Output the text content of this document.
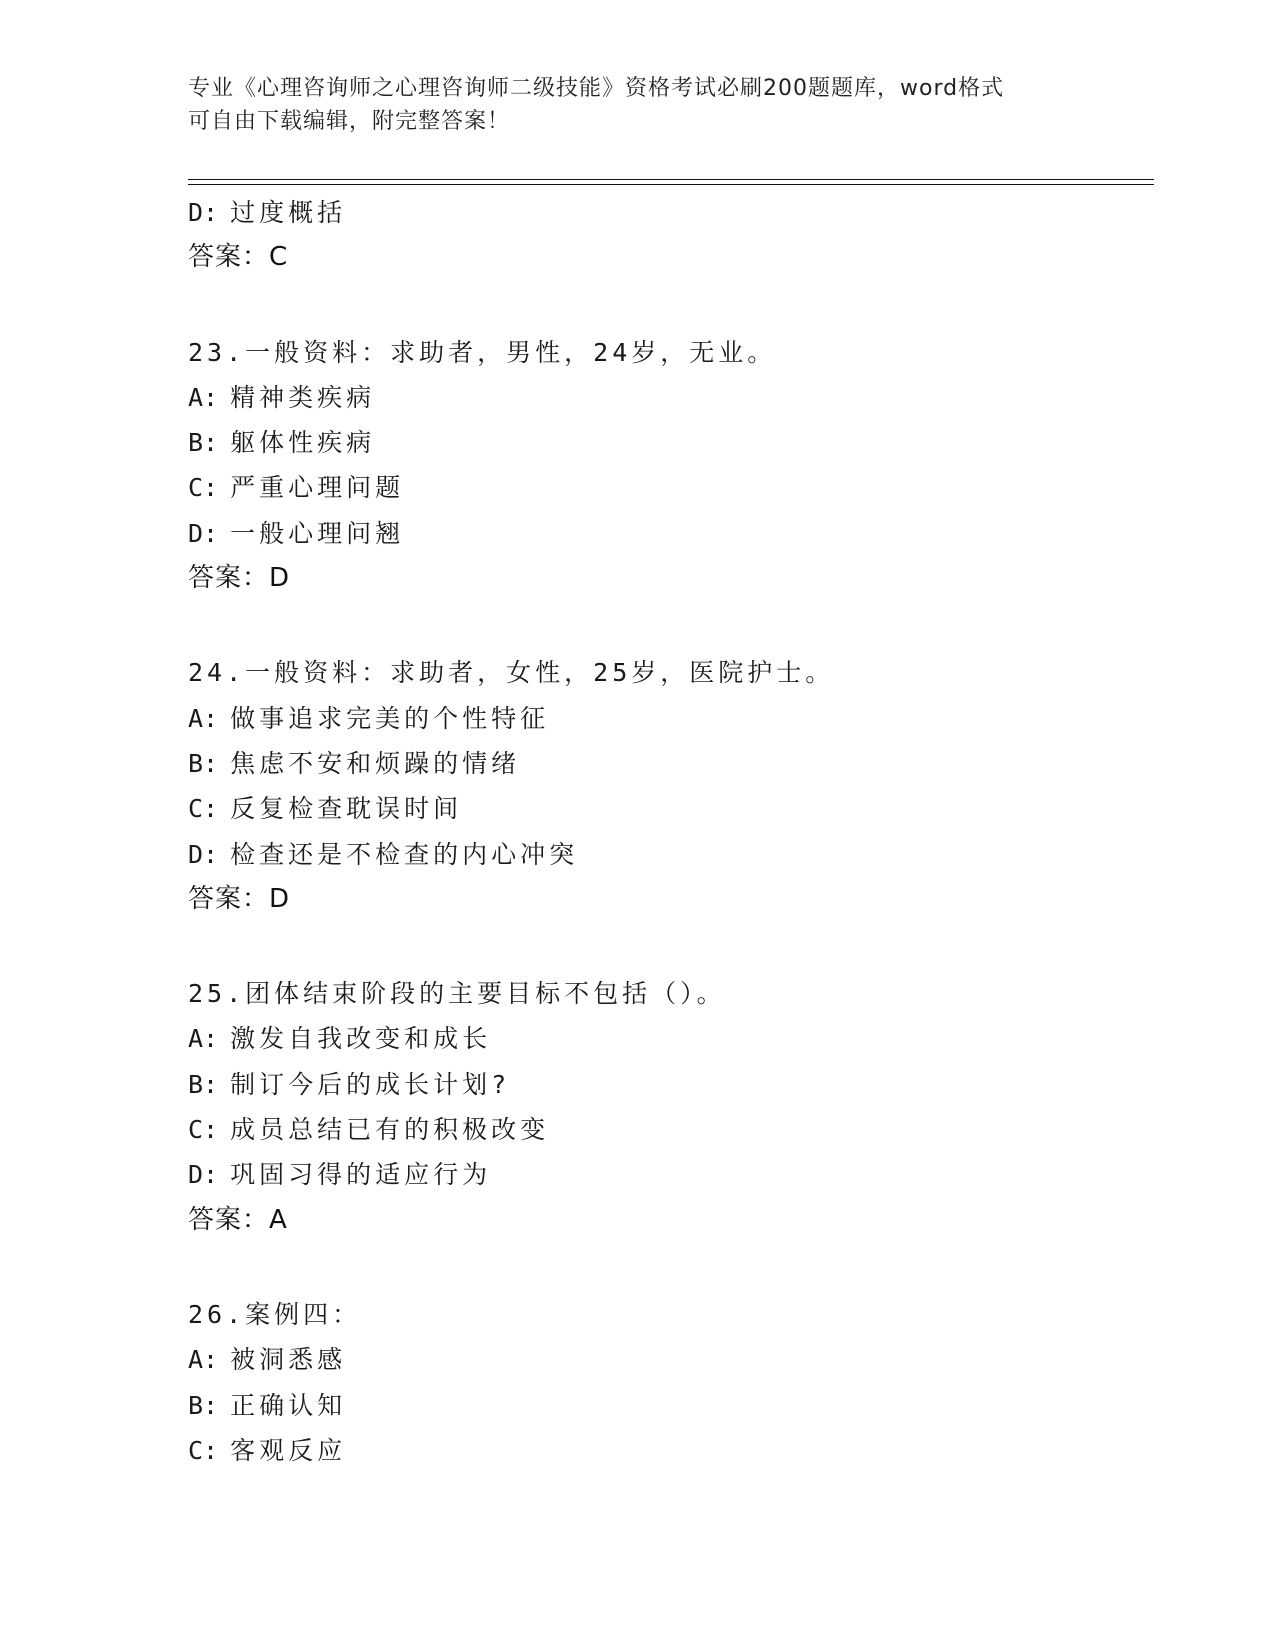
专业《心理咨询师之心理咨询师二级技能》资格考试必刷200题题库，word格式
可自由下载编辑，附完整答案！
D: 过度概括
答案：C
23.一般资料：求助者，男性，24岁，无业。
A: 精神类疾病
B: 躯体性疾病
C: 严重心理问题
D: 一般心理问翘
答案：D
24.一般资料：求助者，女性，25岁，医院护士。
A: 做事追求完美的个性特征
B: 焦虑不安和烦躁的情绪
C: 反复检查耽误时间
D: 检查还是不检查的内心冲突
答案：D
25.团体结束阶段的主要目标不包括（）。
A: 激发自我改变和成长
B: 制订今后的成长计划?
C: 成员总结已有的积极改变
D: 巩固习得的适应行为
答案：A
26.案例四：
A: 被洞悉感
B: 正确认知
C: 客观反应
